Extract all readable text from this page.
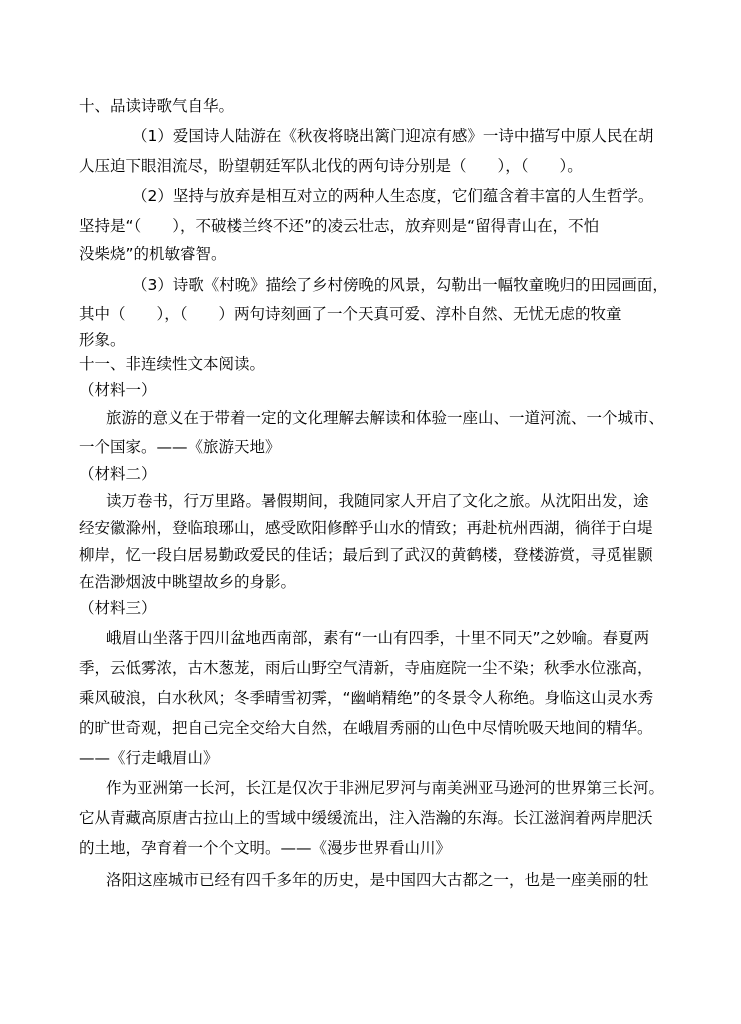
十、品读诗歌气自华。
（1）爱国诗人陆游在《秋夜将晓出篱门迎凉有感》一诗中描写中原人民在胡
人压迫下眼泪流尽，盼望朝廷军队北伐的两句诗分别是（　　），（　　）。
（2）坚持与放弃是相互对立的两种人生态度，它们蕴含着丰富的人生哲学。
坚持是“（　　），不破楼兰终不还”的凌云壮志，放弃则是“留得青山在，不怕
没柴烧”的机敏睿智。
（3）诗歌《村晚》描绘了乡村傍晚的风景，勾勒出一幅牧童晚归的田园画面，
其中（　　），（　　）两句诗刻画了一个天真可爱、淳朴自然、无忧无虑的牧童
形象。
十一、非连续性文本阅读。
（材料一）
旅游的意义在于带着一定的文化理解去解读和体验一座山、一道河流、一个城市、
一个国家。——《旅游天地》
（材料二）
读万卷书，行万里路。暑假期间，我随同家人开启了文化之旅。从沈阳出发，途
经安徽滁州，登临琅琊山，感受欧阳修醉乎山水的情致；再赴杭州西湖，徜徉于白堤
柳岸，忆一段白居易勤政爱民的佳话；最后到了武汉的黄鹤楼，登楼游赏，寻觅崔颢
在浩渺烟波中眺望故乡的身影。
（材料三）
峨眉山坐落于四川盆地西南部，素有“一山有四季，十里不同天”之妙喻。春夏两
季，云低雾浓，古木葱茏，雨后山野空气清新，寺庙庭院一尘不染；秋季水位涨高，
乘风破浪，白水秋风；冬季晴雪初霁，“幽峭精绝”的冬景令人称绝。身临这山灵水秀
的旷世奇观，把自己完全交给大自然，在峨眉秀丽的山色中尽情吮吸天地间的精华。
——《行走峨眉山》
作为亚洲第一长河，长江是仅次于非洲尼罗河与南美洲亚马逊河的世界第三长河。
它从青藏高原唐古拉山上的雪域中缓缓流出，注入浩瀚的东海。长江滋润着两岸肥沃
的土地，孕育着一个个文明。——《漫步世界看山川》
洛阳这座城市已经有四千多年的历史，是中国四大古都之一，也是一座美丽的牡
